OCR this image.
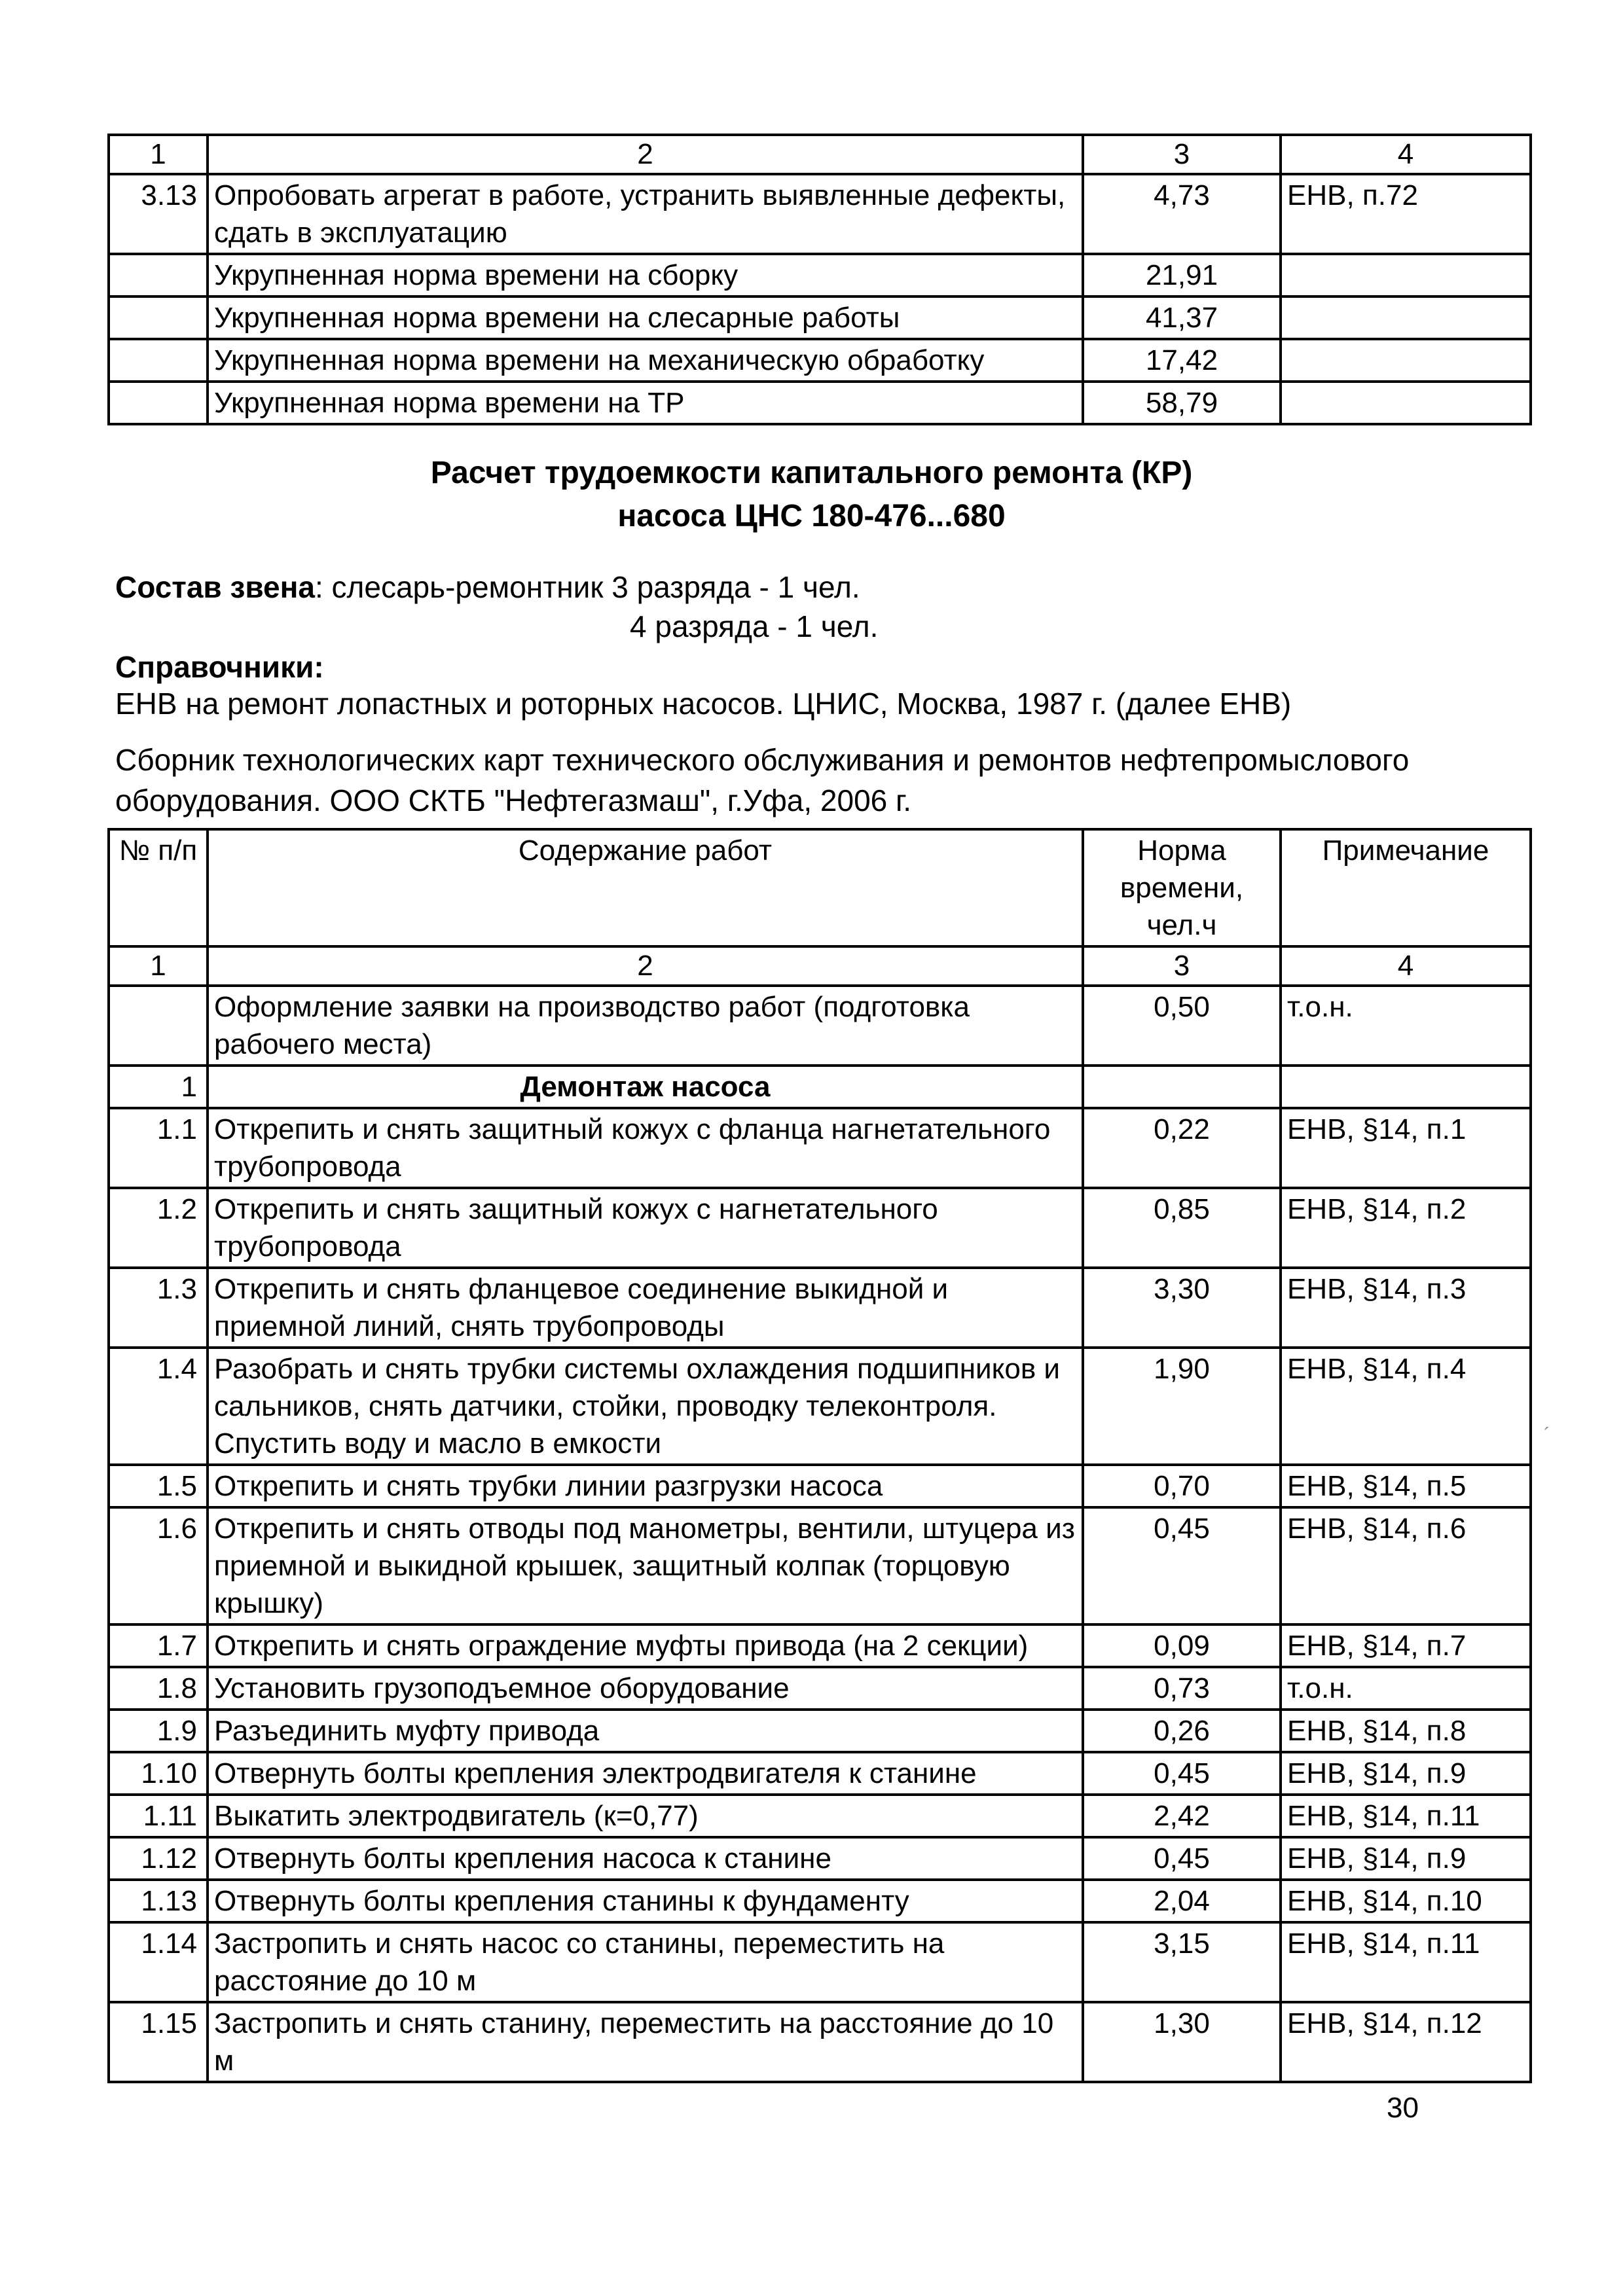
1	2	3	4
3.13	Опробовать агрегат в работе, устранить выявленные дефекты, сдать в эксплуатацию	4,73	ЕНВ, п.72
	Укрупненная норма времени на сборку	21,91	
	Укрупненная норма времени на слесарные работы	41,37	
	Укрупненная норма времени на механическую обработку	17,42	
	Укрупненная норма времени на ТР	58,79	
Расчет трудоемкости капитального ремонта (КР)
насоса ЦНС 180-476...680
Состав звена: слесарь-ремонтник 3 разряда - 1 чел.
4 разряда - 1 чел.
Справочники:
ЕНВ на ремонт лопастных и роторных насосов. ЦНИС, Москва, 1987 г. (далее ЕНВ)
Сборник технологических карт технического обслуживания и ремонтов нефтепромыслового оборудования. ООО СКТБ "Нефтегазмаш", г.Уфа, 2006 г.
№ п/п	Содержание работ	Норма времени, чел.ч	Примечание
1	2	3	4
	Оформление заявки на производство работ (подготовка рабочего места)	0,50	т.о.н.
1	Демонтаж насоса		
1.1	Открепить и снять защитный кожух с фланца нагнетательного трубопровода	0,22	ЕНВ, §14, п.1
1.2	Открепить и снять защитный кожух с нагнетательного трубопровода	0,85	ЕНВ, §14, п.2
1.3	Открепить и снять фланцевое соединение выкидной и приемной линий, снять трубопроводы	3,30	ЕНВ, §14, п.3
1.4	Разобрать и снять трубки системы охлаждения подшипников и сальников, снять датчики, стойки, проводку телеконтроля. Спустить воду и масло в емкости	1,90	ЕНВ, §14, п.4
1.5	Открепить и снять трубки линии разгрузки насоса	0,70	ЕНВ, §14, п.5
1.6	Открепить и снять отводы под манометры, вентили, штуцера из приемной и выкидной крышек, защитный колпак (торцовую крышку)	0,45	ЕНВ, §14, п.6
1.7	Открепить и снять ограждение муфты привода (на 2 секции)	0,09	ЕНВ, §14, п.7
1.8	Установить грузоподъемное оборудование	0,73	т.о.н.
1.9	Разъединить муфту привода	0,26	ЕНВ, §14, п.8
1.10	Отвернуть болты крепления электродвигателя к станине	0,45	ЕНВ, §14, п.9
1.11	Выкатить электродвигатель (к=0,77)	2,42	ЕНВ, §14, п.11
1.12	Отвернуть болты крепления насоса к станине	0,45	ЕНВ, §14, п.9
1.13	Отвернуть болты крепления станины к фундаменту	2,04	ЕНВ, §14, п.10
1.14	Застропить и снять насос со станины, переместить на расстояние до 10 м	3,15	ЕНВ, §14, п.11
1.15	Застропить и снять станину, переместить на расстояние до 10 м	1,30	ЕНВ, §14, п.12
´
30
